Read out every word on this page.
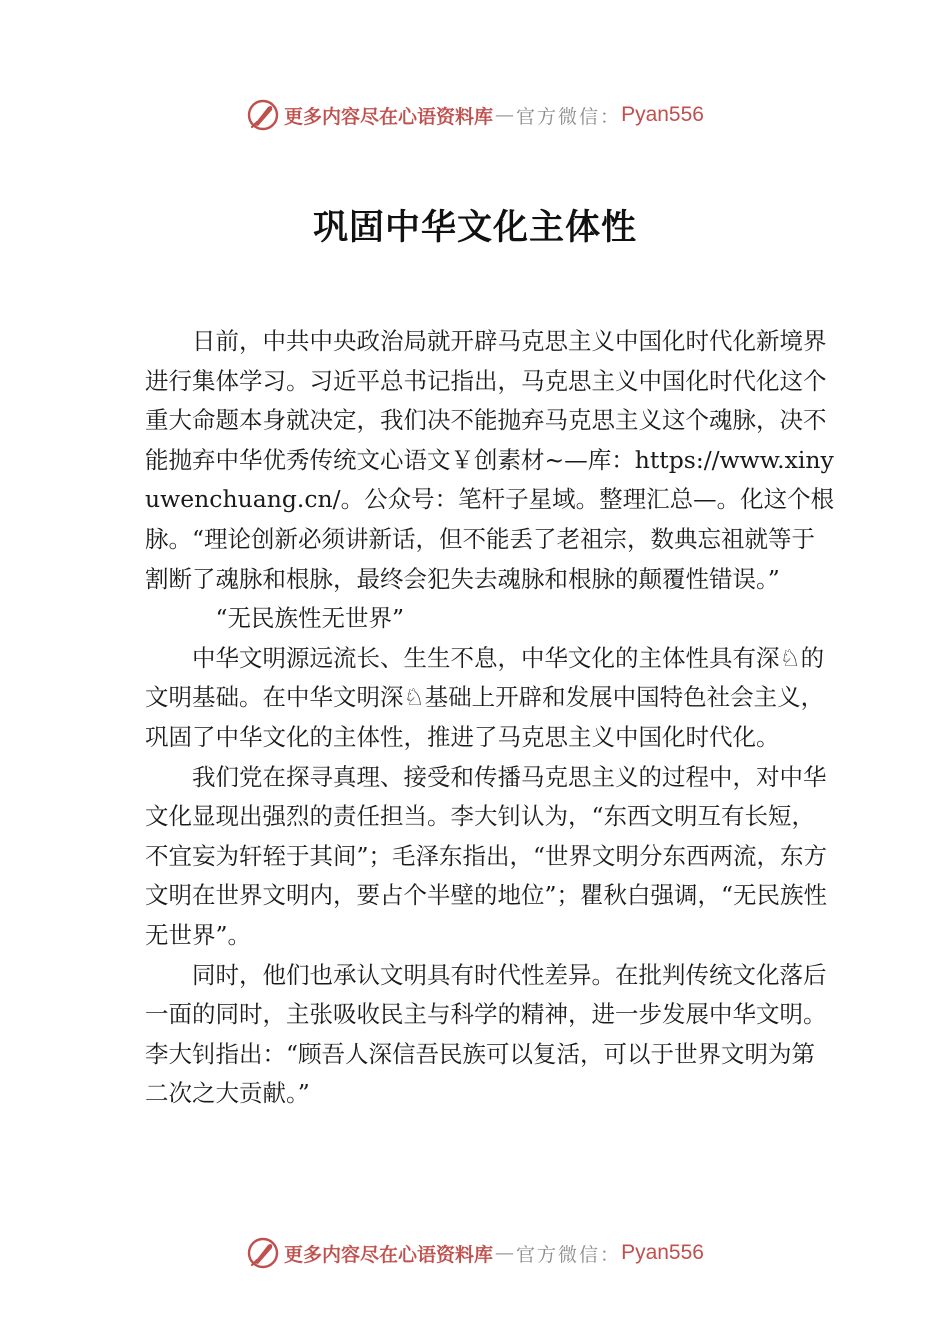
更多内容尽在心语资料库 — 官方微信： Pyan556
巩固中华文化主体性

日前，中共中央政治局就开辟马克思主义中国化时代化新境界进行集体学习。习近平总书记指出，马克思主义中国化时代化这个重大命题本身就决定，我们决不能抛弃马克思主义这个魂脉，决不能抛弃中华优秀传统文心语文￥创素材~—库：https://www.xinyuwenchuang.cn/。公众号：笔杆子星域。整理汇总—。化这个根脉。“理论创新必须讲新话，但不能丢了老祖宗，数典忘祖就等于割断了魂脉和根脉，最终会犯失去魂脉和根脉的颠覆性错误。”

“无民族性无世界”

中华文明源远流长、生生不息，中华文化的主体性具有深♘的文明基础。在中华文明深♘基础上开辟和发展中国特色社会主义，巩固了中华文化的主体性，推进了马克思主义中国化时代化。

我们党在探寻真理、接受和传播马克思主义的过程中，对中华文化显现出强烈的责任担当。李大钊认为，“东西文明互有长短，不宜妄为轩轾于其间”；毛泽东指出，“世界文明分东西两流，东方文明在世界文明内，要占个半壁的地位”；瞿秋白强调，“无民族性无世界”。

同时，他们也承认文明具有时代性差异。在批判传统文化落后一面的同时，主张吸收民主与科学的精神，进一步发展中华文明。李大钊指出：“顾吾人深信吾民族可以复活，可以于世界文明为第二次之大贡献。”

更多内容尽在心语资料库 — 官方微信： Pyan556
